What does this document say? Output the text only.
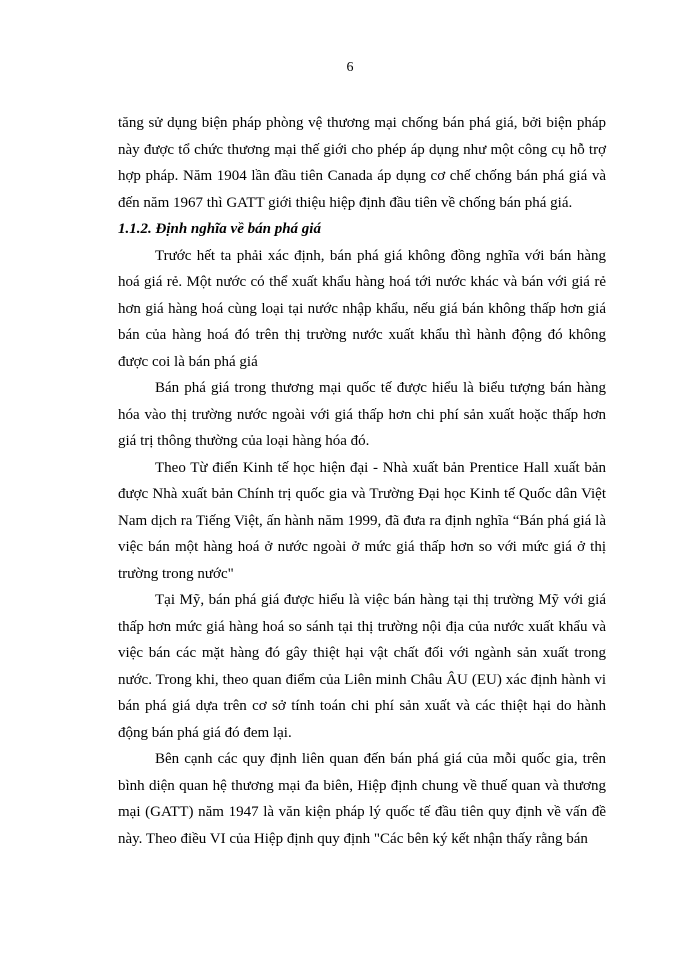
6

tăng sử dụng biện pháp phòng vệ thương mại chống bán phá giá, bởi biện pháp này được tổ chức thương mại thế giới cho phép áp dụng như một công cụ hỗ trợ hợp pháp. Năm 1904 lần đầu tiên Canada áp dụng cơ chế chống bán phá giá và đến năm 1967 thì GATT giới thiệu hiệp định đầu tiên về chống bán phá giá.

1.1.2. Định nghĩa về bán phá giá

Trước hết ta phải xác định, bán phá giá không đồng nghĩa với bán hàng hoá giá rẻ. Một nước có thể xuất khẩu hàng hoá tới nước khác và bán với giá rẻ hơn giá hàng hoá cùng loại tại nước nhập khẩu, nếu giá bán không thấp hơn giá bán của hàng hoá đó trên thị trường nước xuất khẩu thì hành động đó không được coi là bán phá giá

Bán phá giá trong thương mại quốc tế được hiểu là biểu tượng bán hàng hóa vào thị trường nước ngoài với giá thấp hơn chi phí sản xuất hoặc thấp hơn giá trị thông thường của loại hàng hóa đó.

Theo Từ điển Kinh tế học hiện đại - Nhà xuất bản Prentice Hall xuất bản được Nhà xuất bản Chính trị quốc gia và Trường Đại học Kinh tế Quốc dân Việt Nam dịch ra Tiếng Việt, ấn hành năm 1999, đã đưa ra định nghĩa “Bán phá giá là việc bán một hàng hoá ở nước ngoài ở mức giá thấp hơn so với mức giá ở thị trường trong nước"

Tại Mỹ, bán phá giá được hiểu là việc bán hàng tại thị trường Mỹ với giá thấp hơn mức giá hàng hoá so sánh tại thị trường nội địa của nước xuất khẩu và việc bán các mặt hàng đó gây thiệt hại vật chất đối với ngành sản xuất trong nước. Trong khi, theo quan điểm của Liên minh Châu ÂU (EU) xác định hành vi bán phá giá dựa trên cơ sở tính toán chi phí sản xuất và các thiệt hại do hành động bán phá giá đó đem lại.

Bên cạnh các quy định liên quan đến bán phá giá của mỗi quốc gia, trên bình diện quan hệ thương mại đa biên, Hiệp định chung về thuế quan và thương mại (GATT) năm 1947 là văn kiện pháp lý quốc tế đầu tiên quy định về vấn đề này. Theo điều VI của Hiệp định quy định "Các bên ký kết nhận thấy rằng bán
